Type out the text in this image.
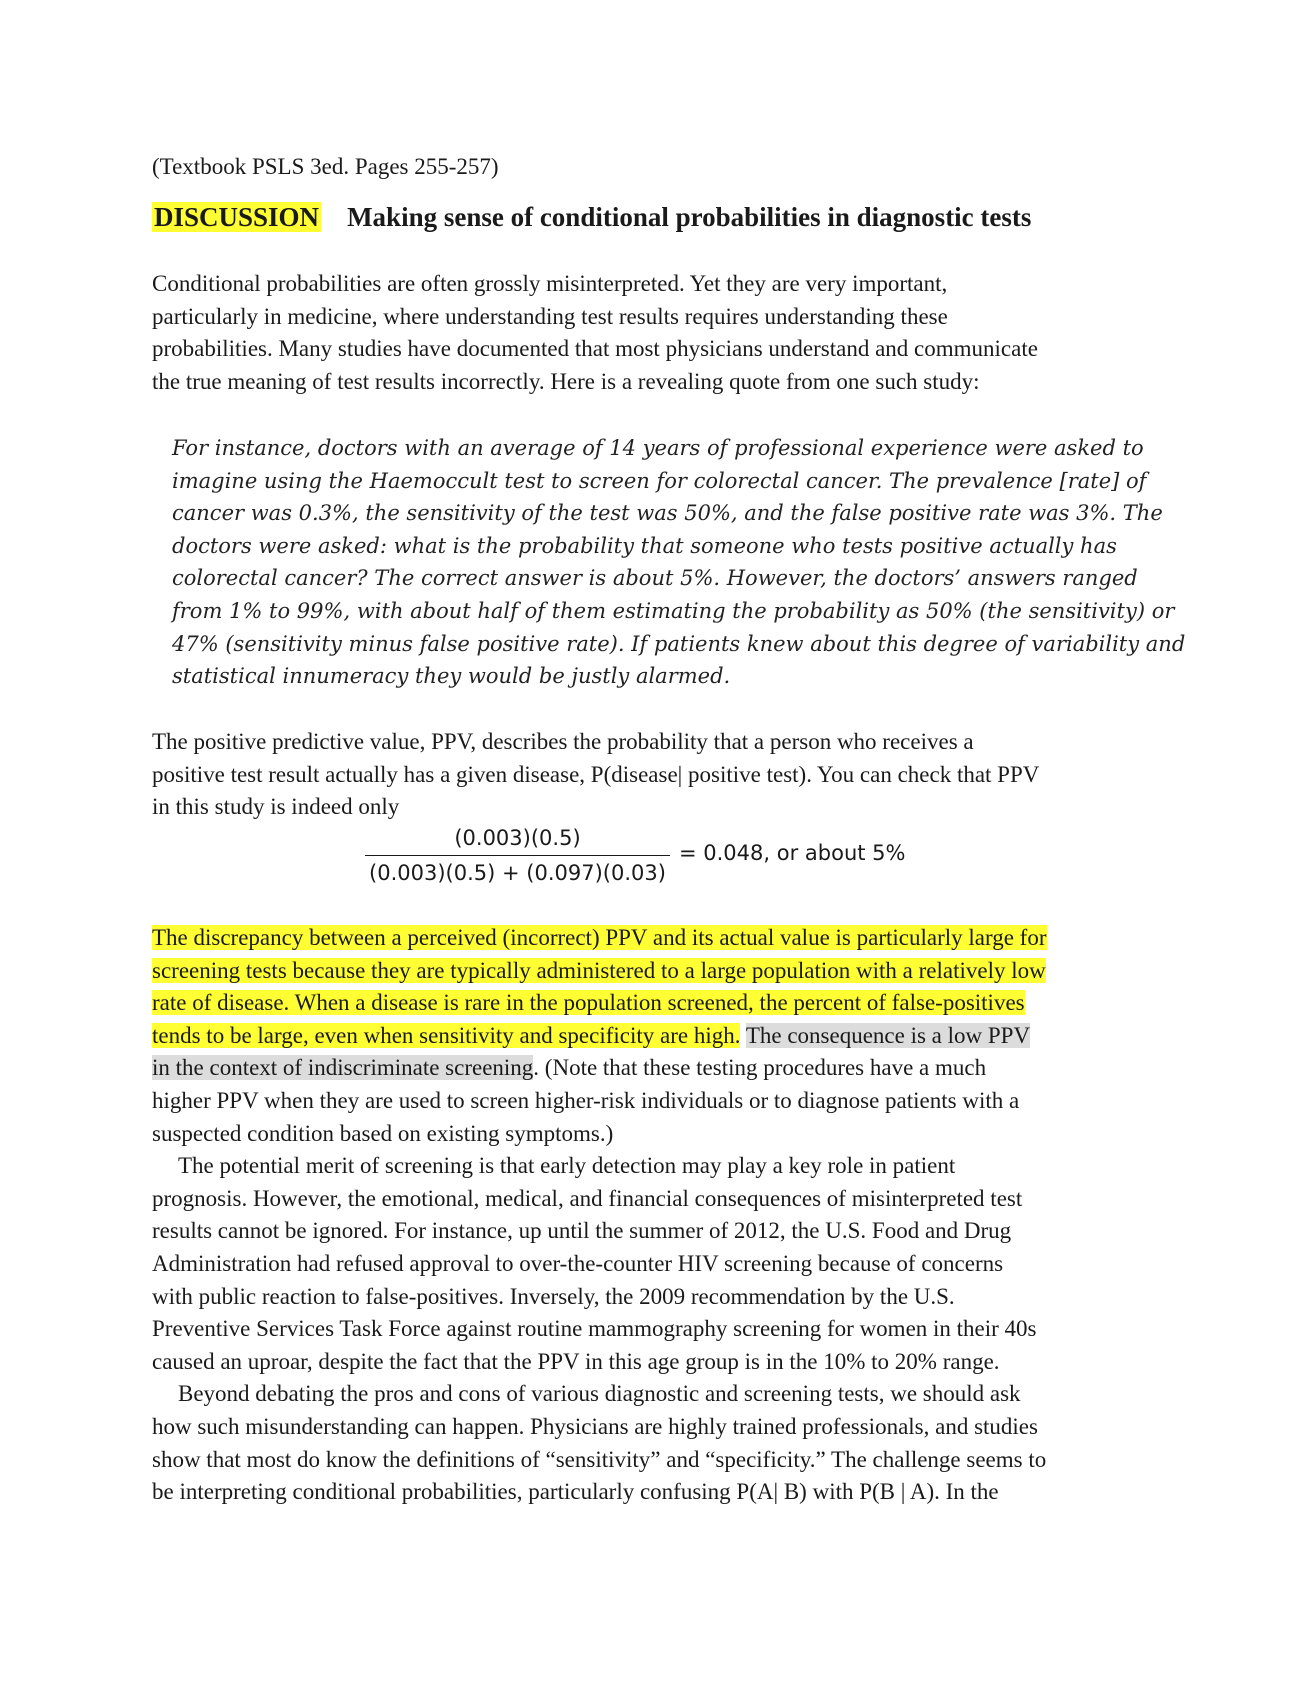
(Textbook PSLS 3ed. Pages 255-257)
DISCUSSION Making sense of conditional probabilities in diagnostic tests
Conditional probabilities are often grossly misinterpreted. Yet they are very important,
particularly in medicine, where understanding test results requires understanding these
probabilities. Many studies have documented that most physicians understand and communicate
the true meaning of test results incorrectly. Here is a revealing quote from one such study:
For instance, doctors with an average of 14 years of professional experience were asked to
imagine using the Haemoccult test to screen for colorectal cancer. The prevalence [rate] of
cancer was 0.3%, the sensitivity of the test was 50%, and the false positive rate was 3%. The
doctors were asked: what is the probability that someone who tests positive actually has
colorectal cancer? The correct answer is about 5%. However, the doctors’ answers ranged
from 1% to 99%, with about half of them estimating the probability as 50% (the sensitivity) or
47% (sensitivity minus false positive rate). If patients knew about this degree of variability and
statistical innumeracy they would be justly alarmed.
The positive predictive value, PPV, describes the probability that a person who receives a
positive test result actually has a given disease, P(disease| positive test). You can check that PPV
in this study is indeed only
(0.003)(0.5)
(0.003)(0.5) + (0.097)(0.03)
= 0.048, or about 5%
The discrepancy between a perceived (incorrect) PPV and its actual value is particularly large for
screening tests because they are typically administered to a large population with a relatively low
rate of disease. When a disease is rare in the population screened, the percent of false-positives
tends to be large, even when sensitivity and specificity are high. The consequence is a low PPV
in the context of indiscriminate screening. (Note that these testing procedures have a much
higher PPV when they are used to screen higher-risk individuals or to diagnose patients with a
suspected condition based on existing symptoms.)
The potential merit of screening is that early detection may play a key role in patient
prognosis. However, the emotional, medical, and financial consequences of misinterpreted test
results cannot be ignored. For instance, up until the summer of 2012, the U.S. Food and Drug
Administration had refused approval to over-the-counter HIV screening because of concerns
with public reaction to false-positives. Inversely, the 2009 recommendation by the U.S.
Preventive Services Task Force against routine mammography screening for women in their 40s
caused an uproar, despite the fact that the PPV in this age group is in the 10% to 20% range.
Beyond debating the pros and cons of various diagnostic and screening tests, we should ask
how such misunderstanding can happen. Physicians are highly trained professionals, and studies
show that most do know the definitions of “sensitivity” and “specificity.” The challenge seems to
be interpreting conditional probabilities, particularly confusing P(A| B) with P(B | A). In the
